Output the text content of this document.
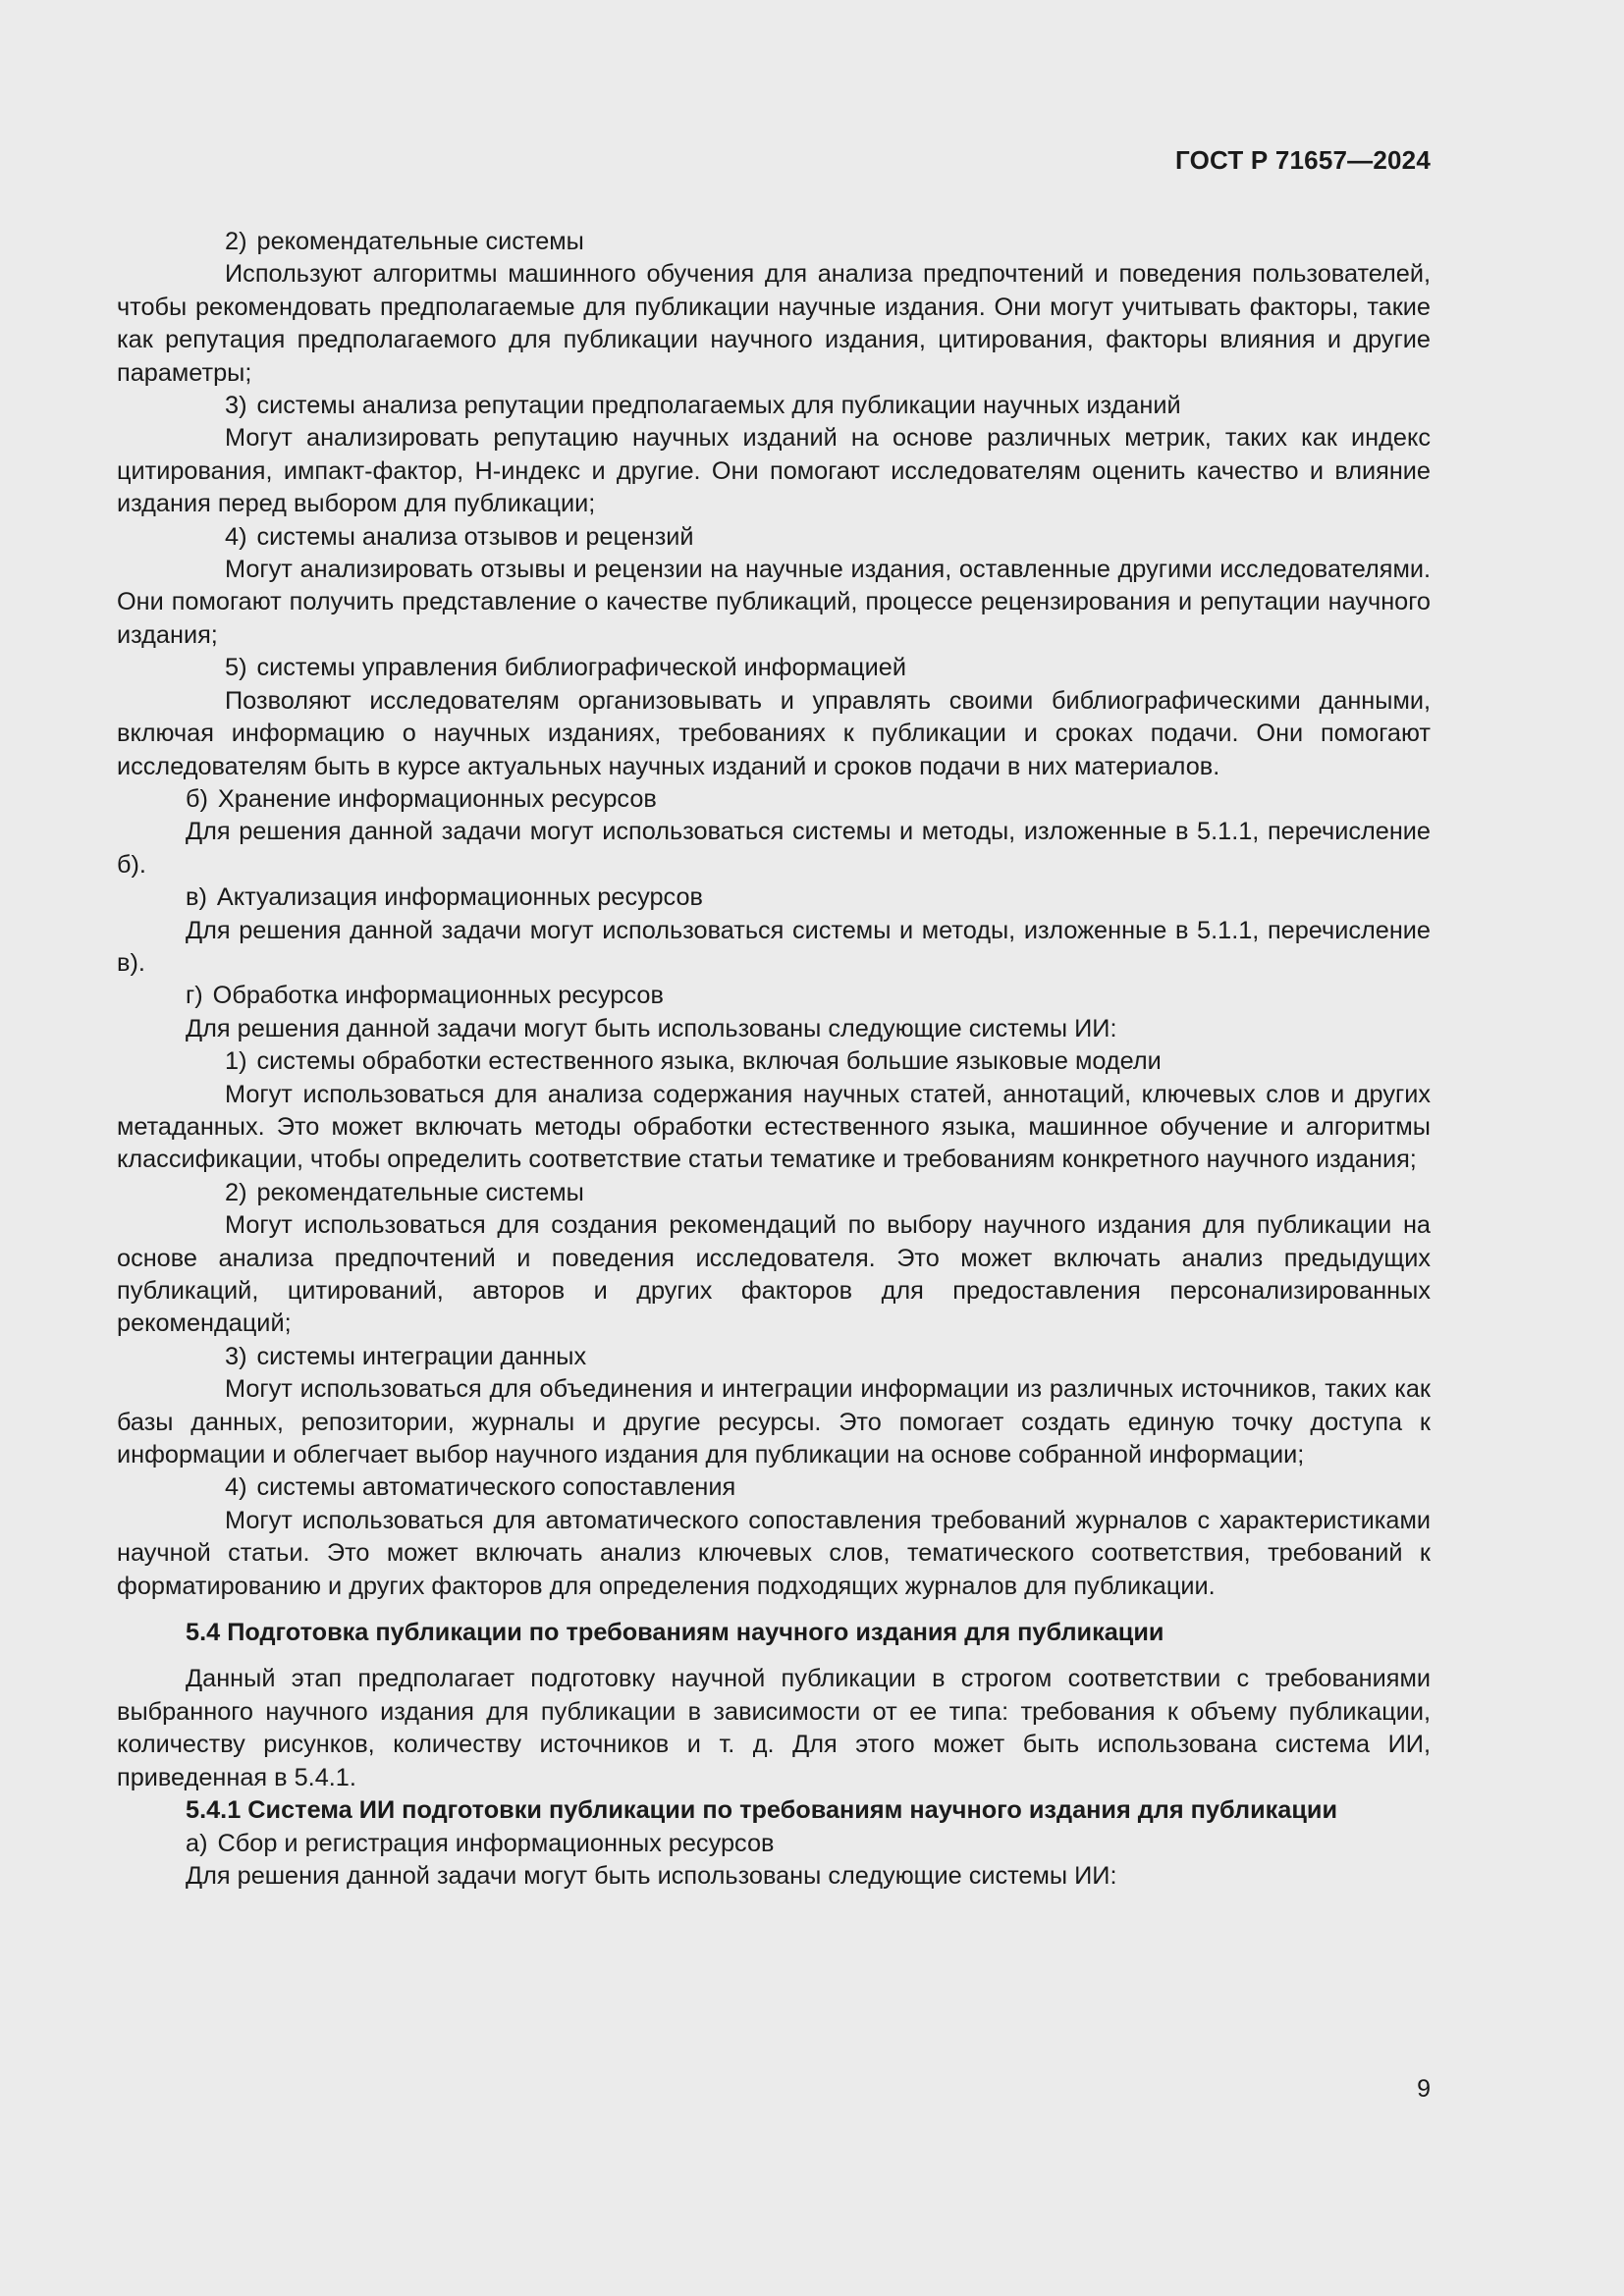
ГОСТ Р 71657—2024

2) рекомендательные системы

Используют алгоритмы машинного обучения для анализа предпочтений и поведения пользователей, чтобы рекомендовать предполагаемые для публикации научные издания. Они могут учитывать факторы, такие как репутация предполагаемого для публикации научного издания, цитирования, факторы влияния и другие параметры;

3) системы анализа репутации предполагаемых для публикации научных изданий

Могут анализировать репутацию научных изданий на основе различных метрик, таких как индекс цитирования, импакт-фактор, H-индекс и другие. Они помогают исследователям оценить качество и влияние издания перед выбором для публикации;

4) системы анализа отзывов и рецензий

Могут анализировать отзывы и рецензии на научные издания, оставленные другими исследователями. Они помогают получить представление о качестве публикаций, процессе рецензирования и репутации научного издания;

5) системы управления библиографической информацией

Позволяют исследователям организовывать и управлять своими библиографическими данными, включая информацию о научных изданиях, требованиях к публикации и сроках подачи. Они помогают исследователям быть в курсе актуальных научных изданий и сроков подачи в них материалов.

б) Хранение информационных ресурсов

Для решения данной задачи могут использоваться системы и методы, изложенные в 5.1.1, перечисление б).

в) Актуализация информационных ресурсов

Для решения данной задачи могут использоваться системы и методы, изложенные в 5.1.1, перечисление в).

г) Обработка информационных ресурсов

Для решения данной задачи могут быть использованы следующие системы ИИ:

1) системы обработки естественного языка, включая большие языковые модели

Могут использоваться для анализа содержания научных статей, аннотаций, ключевых слов и других метаданных. Это может включать методы обработки естественного языка, машинное обучение и алгоритмы классификации, чтобы определить соответствие статьи тематике и требованиям конкретного научного издания;

2) рекомендательные системы

Могут использоваться для создания рекомендаций по выбору научного издания для публикации на основе анализа предпочтений и поведения исследователя. Это может включать анализ предыдущих публикаций, цитирований, авторов и других факторов для предоставления персонализированных рекомендаций;

3) системы интеграции данных

Могут использоваться для объединения и интеграции информации из различных источников, таких как базы данных, репозитории, журналы и другие ресурсы. Это помогает создать единую точку доступа к информации и облегчает выбор научного издания для публикации на основе собранной информации;

4) системы автоматического сопоставления

Могут использоваться для автоматического сопоставления требований журналов с характеристиками научной статьи. Это может включать анализ ключевых слов, тематического соответствия, требований к форматированию и других факторов для определения подходящих журналов для публикации.

5.4 Подготовка публикации по требованиям научного издания для публикации

Данный этап предполагает подготовку научной публикации в строгом соответствии с требованиями выбранного научного издания для публикации в зависимости от ее типа: требования к объему публикации, количеству рисунков, количеству источников и т. д. Для этого может быть использована система ИИ, приведенная в 5.4.1.

5.4.1 Система ИИ подготовки публикации по требованиям научного издания для публикации

а) Сбор и регистрация информационных ресурсов

Для решения данной задачи могут быть использованы следующие системы ИИ:

9
